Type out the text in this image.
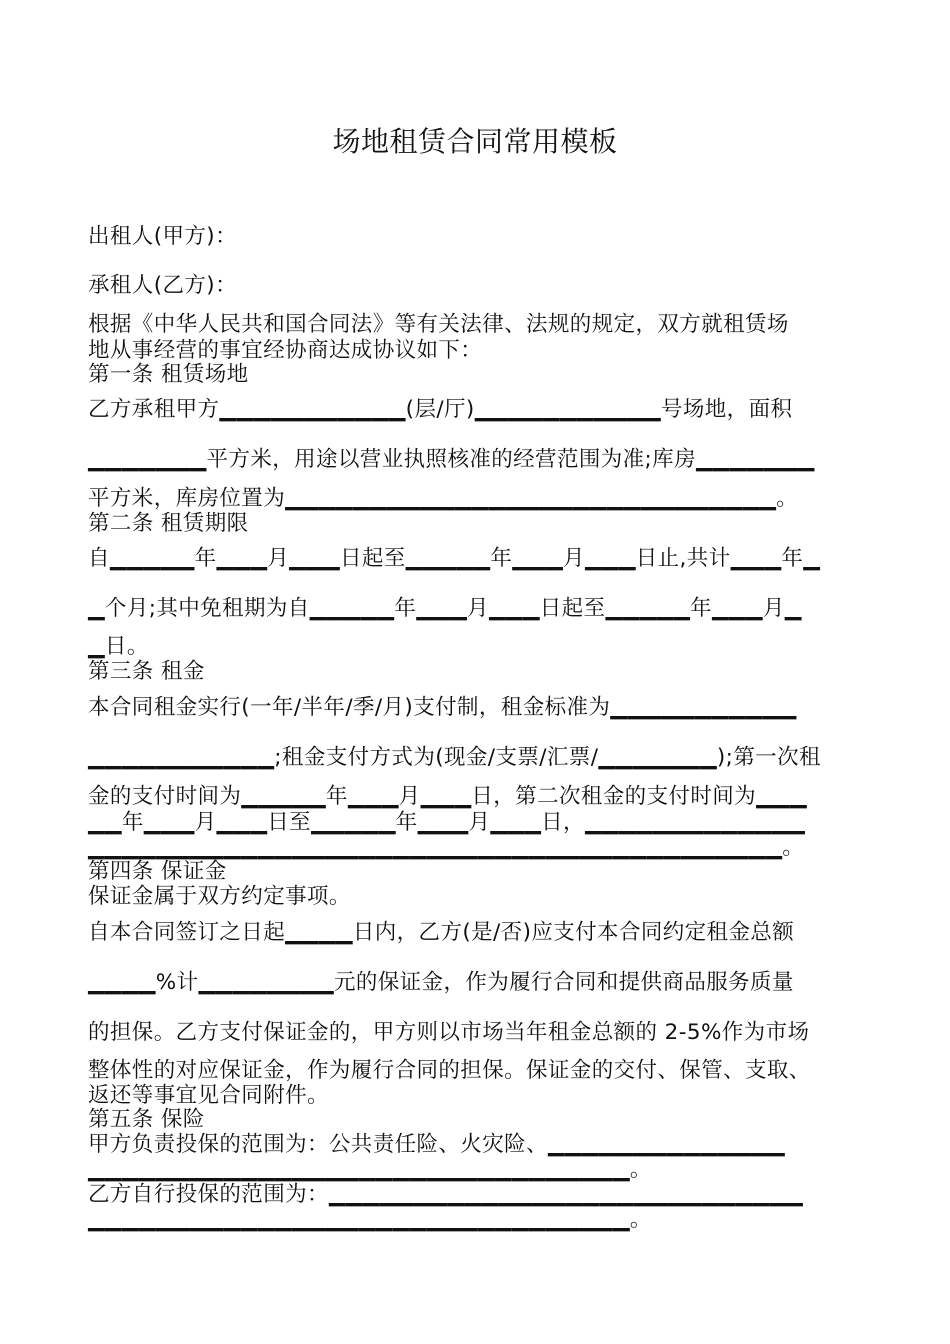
场地租赁合同常用模板
出租人(甲方)：
承租人(乙方)：
根据《中华人民共和国合同法》等有关法律、法规的规定，双方就租赁场
地从事经营的事宜经协商达成协议如下：
第一条 租赁场地
乙方承租甲方▁▁▁▁▁▁▁▁▁▁▁(层/厅)▁▁▁▁▁▁▁▁▁▁▁号场地，面积
▁▁▁▁▁▁▁平方米，用途以营业执照核准的经营范围为准;库房▁▁▁▁▁▁▁
平方米，库房位置为▁▁▁▁▁▁▁▁▁▁▁▁▁▁▁▁▁▁▁▁▁▁▁▁▁▁▁▁▁。
第二条 租赁期限
自▁▁▁▁▁年▁▁▁月▁▁▁日起至▁▁▁▁▁年▁▁▁月▁▁▁日止,共计▁▁▁年▁
▁个月;其中免租期为自▁▁▁▁▁年▁▁▁月▁▁▁日起至▁▁▁▁▁年▁▁▁月▁
▁日。
第三条 租金
本合同租金实行(一年/半年/季/月)支付制，租金标准为▁▁▁▁▁▁▁▁▁▁▁
▁▁▁▁▁▁▁▁▁▁▁;租金支付方式为(现金/支票/汇票/▁▁▁▁▁▁▁);第一次租
金的支付时间为▁▁▁▁▁年▁▁▁月▁▁▁日，第二次租金的支付时间为▁▁▁
▁▁年▁▁▁月▁▁▁日至▁▁▁▁▁年▁▁▁月▁▁▁日，▁▁▁▁▁▁▁▁▁▁▁▁▁
▁▁▁▁▁▁▁▁▁▁▁▁▁▁▁▁▁▁▁▁▁▁▁▁▁▁▁▁▁▁▁▁▁▁▁▁▁▁▁▁▁。
第四条 保证金
保证金属于双方约定事项。
自本合同签订之日起▁▁▁▁日内，乙方(是/否)应支付本合同约定租金总额
▁▁▁▁%计▁▁▁▁▁▁▁▁元的保证金，作为履行合同和提供商品服务质量
的担保。乙方支付保证金的，甲方则以市场当年租金总额的 2-5%作为市场
整体性的对应保证金，作为履行合同的担保。保证金的交付、保管、支取、
返还等事宜见合同附件。
第五条 保险
甲方负责投保的范围为：公共责任险、火灾险、▁▁▁▁▁▁▁▁▁▁▁▁▁▁
▁▁▁▁▁▁▁▁▁▁▁▁▁▁▁▁▁▁▁▁▁▁▁▁▁▁▁▁▁▁▁▁。
乙方自行投保的范围为：▁▁▁▁▁▁▁▁▁▁▁▁▁▁▁▁▁▁▁▁▁▁▁▁▁▁▁▁
▁▁▁▁▁▁▁▁▁▁▁▁▁▁▁▁▁▁▁▁▁▁▁▁▁▁▁▁▁▁▁▁。
